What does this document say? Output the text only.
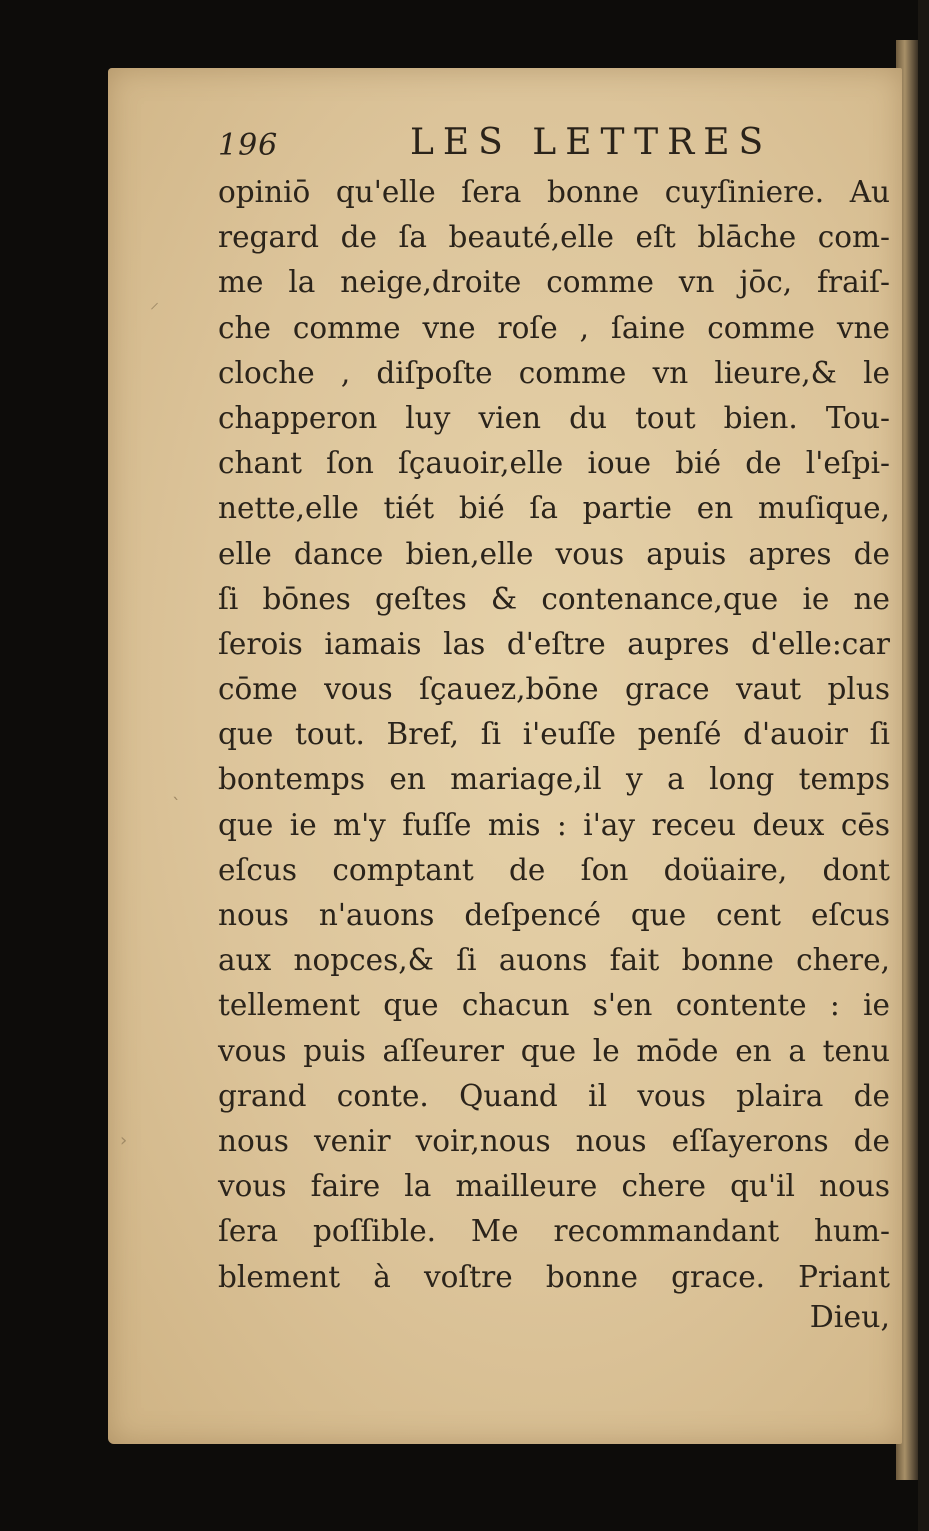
⸝
ˋ
›
196	LES LETTRES
opiniō qu'elle ſera bonne cuyſiniere. Au
regard de ſa beauté,elle eſt blāche com-
me la neige,droite comme vn jōc, fraiſ-
che comme vne roſe , ſaine comme vne
cloche , diſpoſte comme vn lieure,& le
chapperon luy vien du tout bien. Tou-
chant ſon ſçauoir,elle ioue bié de l'eſpi-
nette,elle tiét bié ſa partie en muſique,
elle dance bien,elle vous apuis apres de
ſi bōnes geſtes & contenance,que ie ne
ſerois iamais las d'eſtre aupres d'elle:car
cōme vous ſçauez,bōne grace vaut plus
que tout. Bref, ſi i'euſſe penſé d'auoir ſi
bontemps en mariage,il y a long temps
que ie m'y fuſſe mis : i'ay receu deux cēs
eſcus comptant de ſon doüaire, dont
nous n'auons deſpencé que cent eſcus
aux nopces,& ſi auons fait bonne chere,
tellement que chacun s'en contente : ie
vous puis aſſeurer que le mōde en a tenu
grand conte. Quand il vous plaira de
nous venir voir,nous nous eſſayerons de
vous faire la mailleure chere qu'il nous
ſera poſſible. Me recommandant hum-
blement à voſtre bonne grace. Priant
Dieu,
